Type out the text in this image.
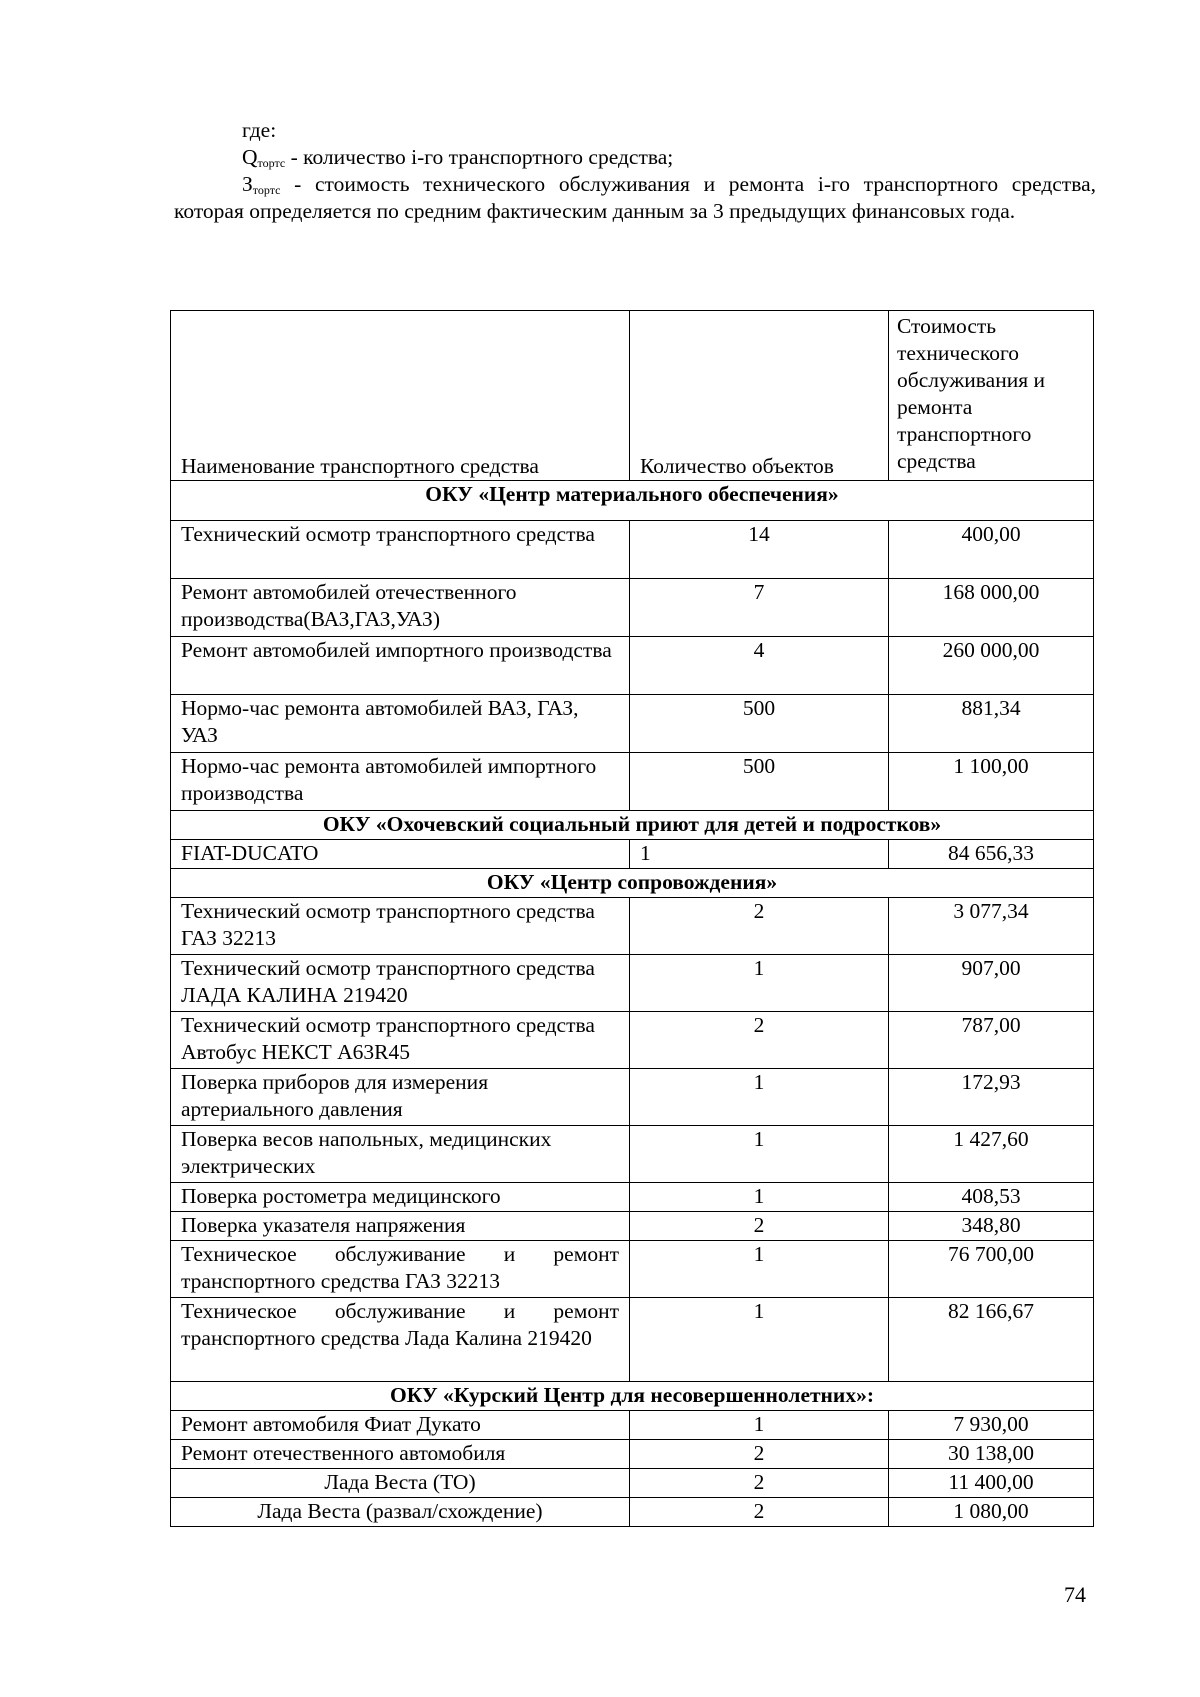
где:

$Q_{тортс}$ - количество i-го транспортного средства;

$З_{тортс}$ - стоимость технического обслуживания и ремонта i-го транспортного средства, которая определяется по средним фактическим данным за 3 предыдущих финансовых года.

Наименование транспортного средства	Количество объектов	Стоимость технического обслуживания и ремонта транспортного средства
ОКУ «Центр материального обеспечения»		
Технический осмотр транспортного средства	14	400,00
Ремонт автомобилей отечественного производства(ВАЗ,ГАЗ,УАЗ)	7	168 000,00
Ремонт автомобилей импортного производства	4	260 000,00
Нормо-час ремонта автомобилей ВАЗ, ГАЗ, УАЗ	500	881,34
Нормо-час ремонта автомобилей импортного производства	500	1 100,00
ОКУ «Охочевский социальный приют для детей и подростков»		
FIAT-DUCATO	1	84 656,33
ОКУ «Центр сопровождения»		
Технический осмотр транспортного средства ГАЗ 32213	2	3 077,34
Технический осмотр транспортного средства ЛАДА КАЛИНА 219420	1	907,00
Технический осмотр транспортного средства Автобус НЕКСТ А63R45	2	787,00
Поверка приборов для измерения артериального давления	1	172,93
Поверка весов напольных, медицинских электрических	1	1 427,60
Поверка ростометра медицинского	1	408,53
Поверка указателя напряжения	2	348,80
Техническое обслуживание и ремонт транспортного средства ГАЗ 32213	1	76 700,00
Техническое обслуживание и ремонт транспортного средства Лада Калина 219420	1	82 166,67
ОКУ «Курский Центр для несовершеннолетних»:		
Ремонт автомобиля Фиат Дукато	1	7 930,00
Ремонт отечественного автомобиля	2	30 138,00
Лада Веста (ТО)	2	11 400,00
Лада Веста (развал/схождение)	2	1 080,00
74
